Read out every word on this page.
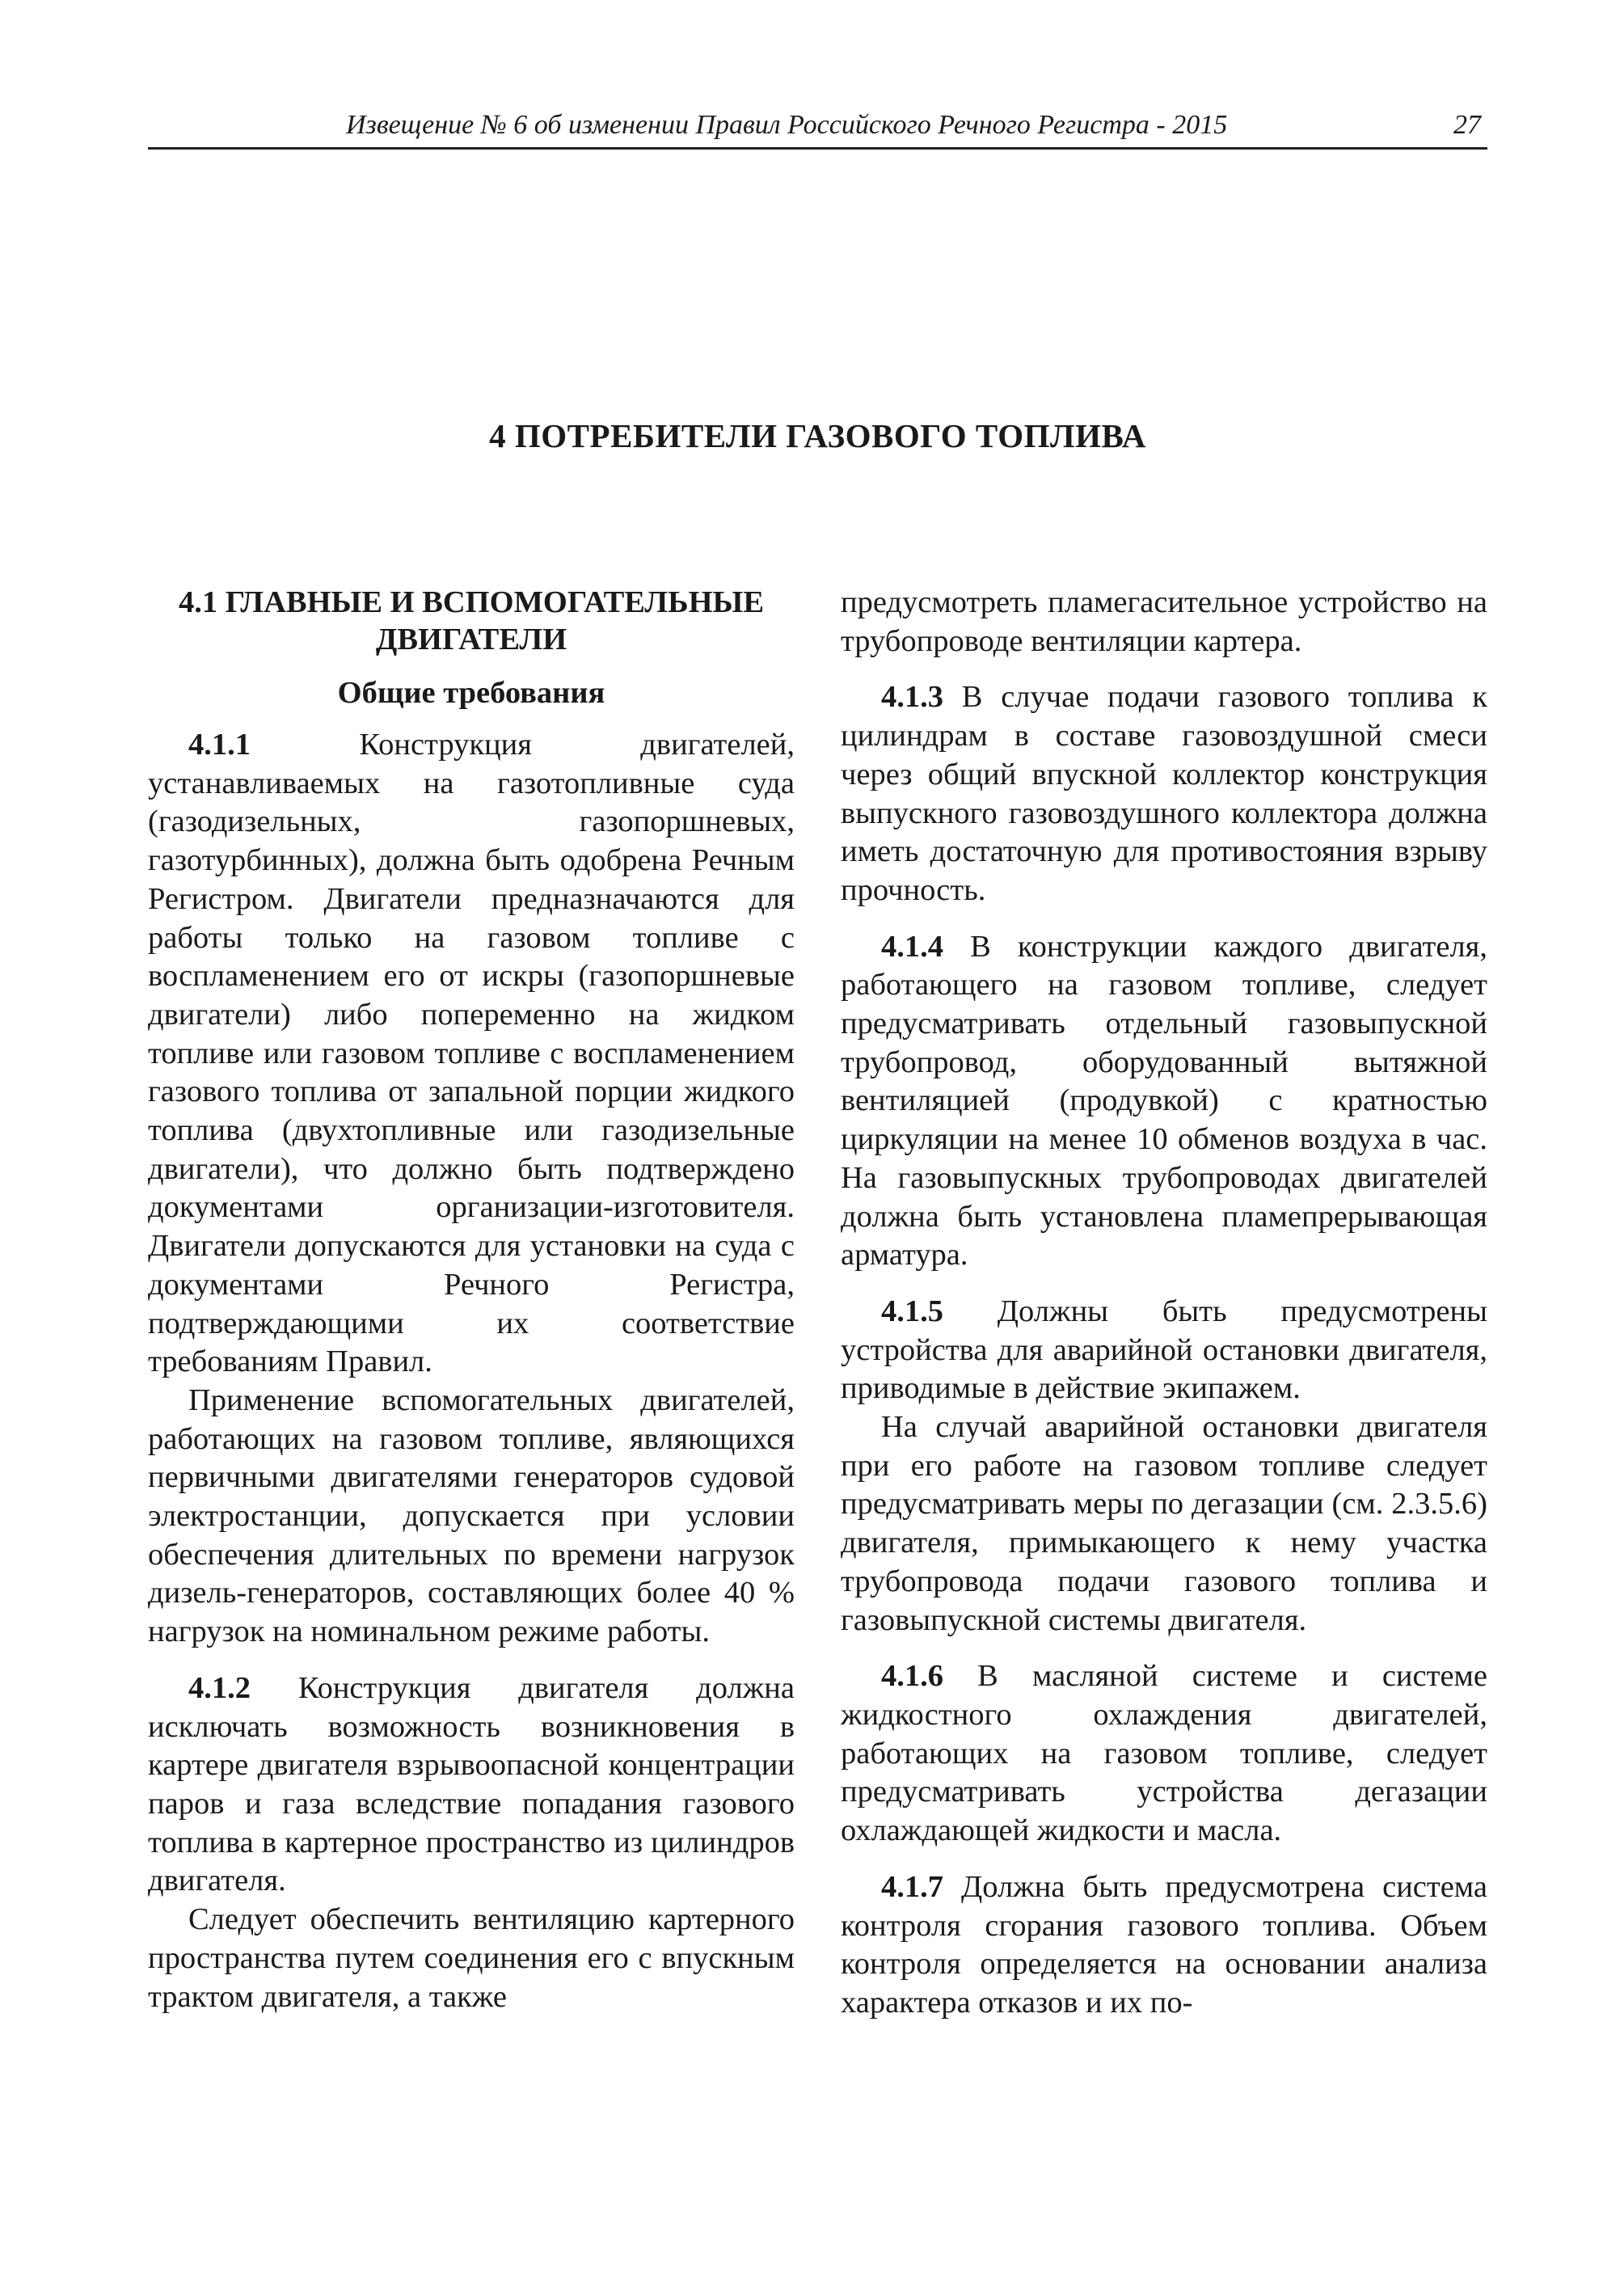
Извещение № 6 об изменении Правил Российского Речного Регистра - 2015	27
4 ПОТРЕБИТЕЛИ ГАЗОВОГО ТОПЛИВА
4.1 ГЛАВНЫЕ И ВСПОМОГАТЕЛЬНЫЕ
ДВИГАТЕЛИ
Общие требования

4.1.1 Конструкция двигателей, устанавливаемых на газотопливные суда (газодизельных, газопоршневых, газотурбинных), должна быть одобрена Речным Регистром. Двигатели предназначаются для работы только на газовом топливе с воспламенением его от искры (газопоршневые двигатели) либо попеременно на жидком топливе или газовом топливе с воспламенением газового топлива от запальной порции жидкого топлива (двухтопливные или газодизельные двигатели), что должно быть подтверждено документами организации-изготовителя. Двигатели допускаются для установки на суда с документами Речного Регистра, подтверждающими их соответствие требованиям Правил.

Применение вспомогательных двигателей, работающих на газовом топливе, являющихся первичными двигателями генераторов судовой электростанции, допускается при условии обеспечения длительных по времени нагрузок дизель-генераторов, составляющих более 40 % нагрузок на номинальном режиме работы.

4.1.2 Конструкция двигателя должна исключать возможность возникновения в картере двигателя взрывоопасной концентрации паров и газа вследствие попадания газового топлива в картерное пространство из цилиндров двигателя.

Следует обеспечить вентиляцию картерного пространства путем соединения его с впускным трактом двигателя, а также

предусмотреть пламегасительное устройство на трубопроводе вентиляции картера.

4.1.3 В случае подачи газового топлива к цилиндрам в составе газовоздушной смеси через общий впускной коллектор конструкция выпускного газовоздушного коллектора должна иметь достаточную для противостояния взрыву прочность.

4.1.4 В конструкции каждого двигателя, работающего на газовом топливе, следует предусматривать отдельный газовыпускной трубопровод, оборудованный вытяжной вентиляцией (продувкой) с кратностью циркуляции на менее 10 обменов воздуха в час. На газовыпускных трубопроводах двигателей должна быть установлена пламепрерывающая арматура.

4.1.5 Должны быть предусмотрены устройства для аварийной остановки двигателя, приводимые в действие экипажем.

На случай аварийной остановки двигателя при его работе на газовом топливе следует предусматривать меры по дегазации (см. 2.3.5.6) двигателя, примыкающего к нему участка трубопровода подачи газового топлива и газовыпускной системы двигателя.

4.1.6 В масляной системе и системе жидкостного охлаждения двигателей, работающих на газовом топливе, следует предусматривать устройства дегазации охлаждающей жидкости и масла.

4.1.7 Должна быть предусмотрена система контроля сгорания газового топлива. Объем контроля определяется на основании анализа характера отказов и их по-
